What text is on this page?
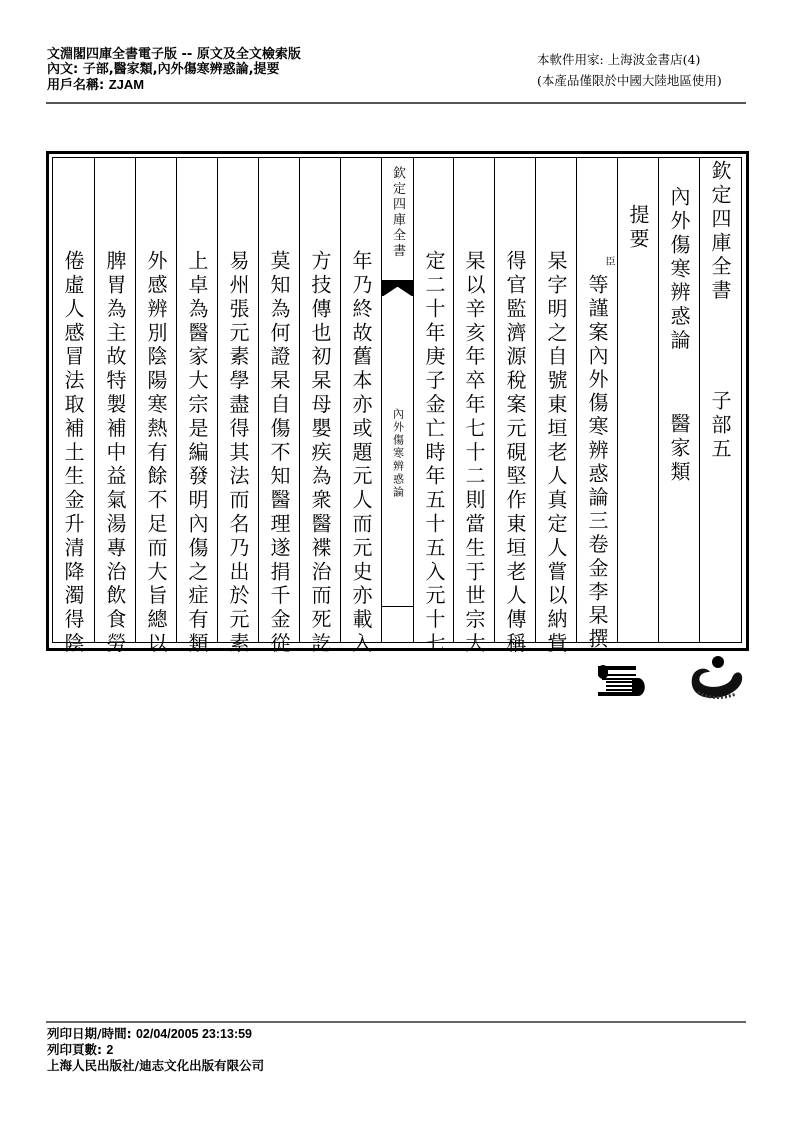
文淵閣四庫全書電子版 -- 原文及全文檢索版
內文: 子部,醫家類,內外傷寒辨惑論,提要
用戶名稱: ZJAM
本軟件用家: 上海波金書店(4)
(本產品僅限於中國大陸地區使用)
倦虛人感冒法取補土生金升清降濁得陰 脾胃為主故特製補中益氣湯專治飲食勞 外感辨別陰陽寒熱有餘不足而大旨總以 上卓為醫家大宗是編發明內傷之症有類 易州張元素學盡得其法而名乃出於元素 莫知為何證杲自傷不知醫理遂捐千金從 方技傳也初杲母嬰疾為衆醫褋治而死訖 年乃終故舊本亦或題元人而元史亦載入
欽定四庫全書
內外傷寒辨惑論 定二十年庚子金亡時年五十五入元十七 杲以辛亥年卒年七十二則當生于世宗大 得官監濟源稅案元硯堅作東垣老人傳稱 杲字明之自號東垣老人真定人嘗以納貲	臣
等謹案內外傷寒辨惑論三卷金李杲撰
提要 內外傷寒辨惑論
醫家類
欽定四庫全書
子部五
列印日期/時間: 02/04/2005 23:13:59
列印頁數: 2
上海人民出版社/迪志文化出版有限公司
